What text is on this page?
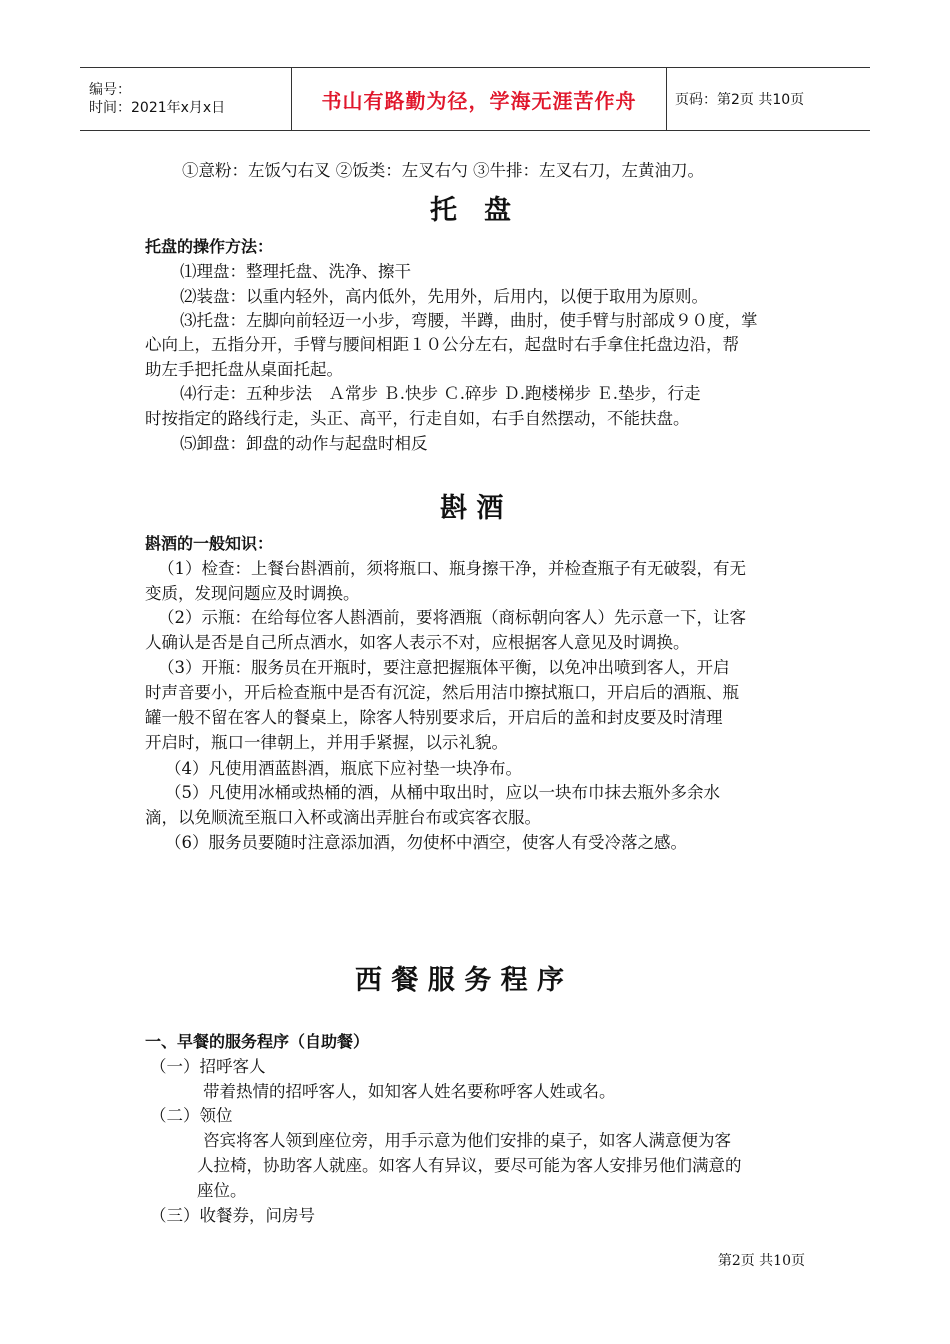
编号：
时间：2021年x月x日	书山有路勤为径，学海无涯苦作舟	页码：第2页 共10页
①意粉：左饭勺右叉 ②饭类：左叉右勺 ③牛排：左叉右刀，左黄油刀。
托　盘
托盘的操作方法：
⑴理盘：整理托盘、洗净、擦干
⑵装盘：以重内轻外，高内低外，先用外，后用内，以便于取用为原则。
⑶托盘：左脚向前轻迈一小步，弯腰，半蹲，曲肘，使手臂与肘部成９０度，掌
心向上，五指分开，手臂与腰间相距１０公分左右，起盘时右手拿住托盘边沿，帮
助左手把托盘从桌面托起。
⑷行走：五种步法　Ａ常步 Ｂ.快步 Ｃ.碎步 Ｄ.跑楼梯步 Ｅ.垫步，行走
时按指定的路线行走，头正、高平，行走自如，右手自然摆动，不能扶盘。
⑸卸盘：卸盘的动作与起盘时相反
斟 酒
斟酒的一般知识：
（1）检查：上餐台斟酒前，须将瓶口、瓶身擦干净，并检查瓶子有无破裂，有无
变质，发现问题应及时调换。
（2）示瓶：在给每位客人斟酒前，要将酒瓶（商标朝向客人）先示意一下，让客
人确认是否是自己所点酒水，如客人表示不对，应根据客人意见及时调换。
（3）开瓶：服务员在开瓶时，要注意把握瓶体平衡，以免冲出喷到客人，开启
时声音要小，开后检查瓶中是否有沉淀，然后用洁巾擦拭瓶口，开启后的酒瓶、瓶
罐一般不留在客人的餐桌上，除客人特别要求后，开启后的盖和封皮要及时清理
开启时，瓶口一律朝上，并用手紧握，以示礼貌。
（4）凡使用酒蓝斟酒，瓶底下应衬垫一块净布。
（5）凡使用冰桶或热桶的酒，从桶中取出时，应以一块布巾抹去瓶外多余水
滴，以免顺流至瓶口入杯或滴出弄脏台布或宾客衣服。
（6）服务员要随时注意添加酒，勿使杯中酒空，使客人有受冷落之感。
西 餐 服 务 程 序
一、早餐的服务程序（自助餐）
（一）招呼客人
带着热情的招呼客人，如知客人姓名要称呼客人姓或名。
（二）领位
咨宾将客人领到座位旁，用手示意为他们安排的桌子，如客人满意便为客
人拉椅，协助客人就座。如客人有异议，要尽可能为客人安排另他们满意的
座位。
（三）收餐券，问房号
第2页 共10页
